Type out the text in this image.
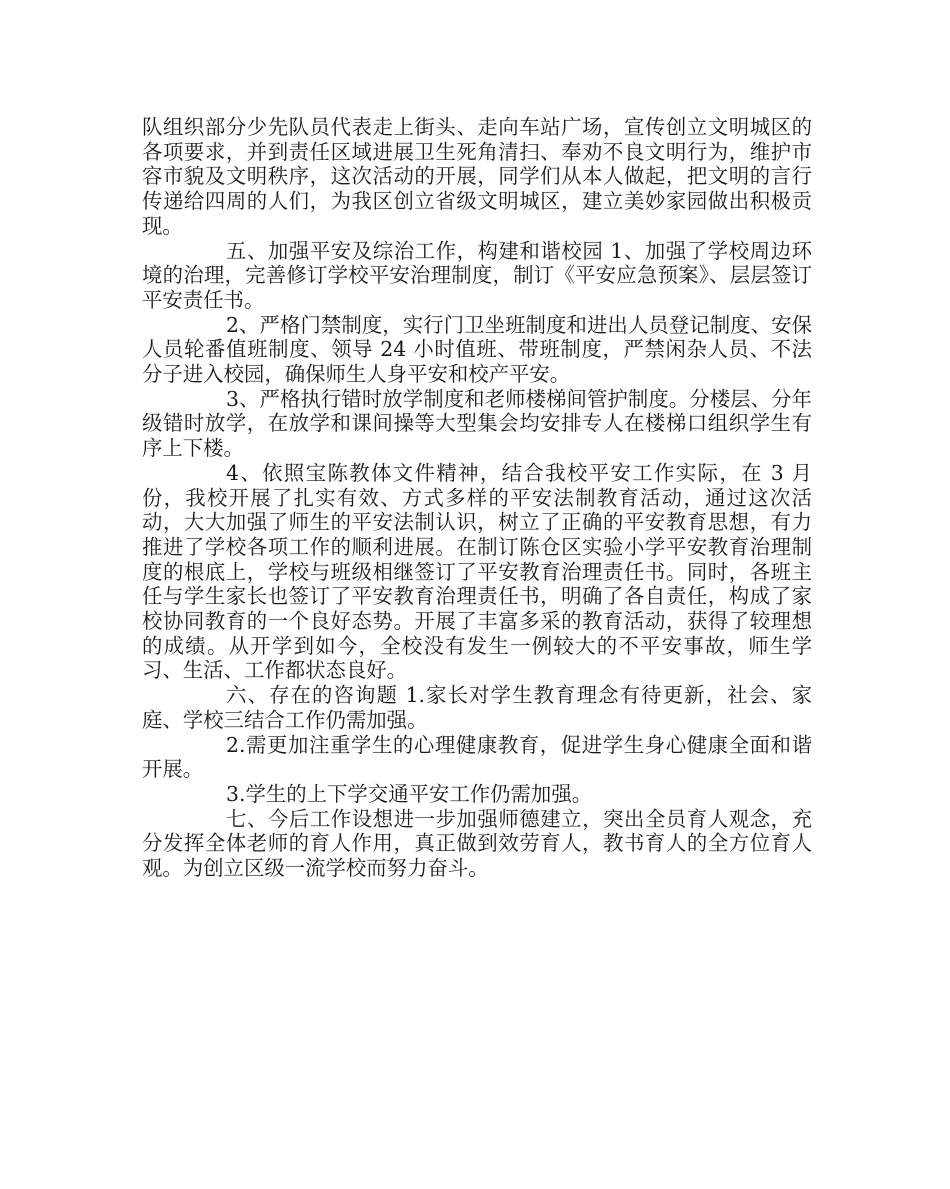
队组织部分少先队员代表走上街头、走向车站广场，宣传创立文明城区的各项要求，并到责任区域进展卫生死角清扫、奉劝不良文明行为，维护市容市貌及文明秩序，这次活动的开展，同学们从本人做起，把文明的言行传递给四周的人们，为我区创立省级文明城区，建立美妙家园做出积极贡现。

五、加强平安及综治工作，构建和谐校园 1、加强了学校周边环境的治理，完善修订学校平安治理制度，制订《平安应急预案》、层层签订平安责任书。

2、严格门禁制度，实行门卫坐班制度和进出人员登记制度、安保人员轮番值班制度、领导 24 小时值班、带班制度，严禁闲杂人员、不法分子进入校园，确保师生人身平安和校产平安。

3、严格执行错时放学制度和老师楼梯间管护制度。分楼层、分年级错时放学，在放学和课间操等大型集会均安排专人在楼梯口组织学生有序上下楼。

4、依照宝陈教体文件精神，结合我校平安工作实际，在 3 月份，我校开展了扎实有效、方式多样的平安法制教育活动，通过这次活动，大大加强了师生的平安法制认识，树立了正确的平安教育思想，有力推进了学校各项工作的顺利进展。在制订陈仓区实验小学平安教育治理制度的根底上，学校与班级相继签订了平安教育治理责任书。同时，各班主任与学生家长也签订了平安教育治理责任书，明确了各自责任，构成了家校协同教育的一个良好态势。开展了丰富多采的教育活动，获得了较理想的成绩。从开学到如今，全校没有发生一例较大的不平安事故，师生学习、生活、工作都状态良好。

六、存在的咨询题 1.家长对学生教育理念有待更新，社会、家庭、学校三结合工作仍需加强。

2.需更加注重学生的心理健康教育，促进学生身心健康全面和谐开展。

3.学生的上下学交通平安工作仍需加强。

七、今后工作设想进一步加强师德建立，突出全员育人观念，充分发挥全体老师的育人作用，真正做到效劳育人，教书育人的全方位育人观。为创立区级一流学校而努力奋斗。
